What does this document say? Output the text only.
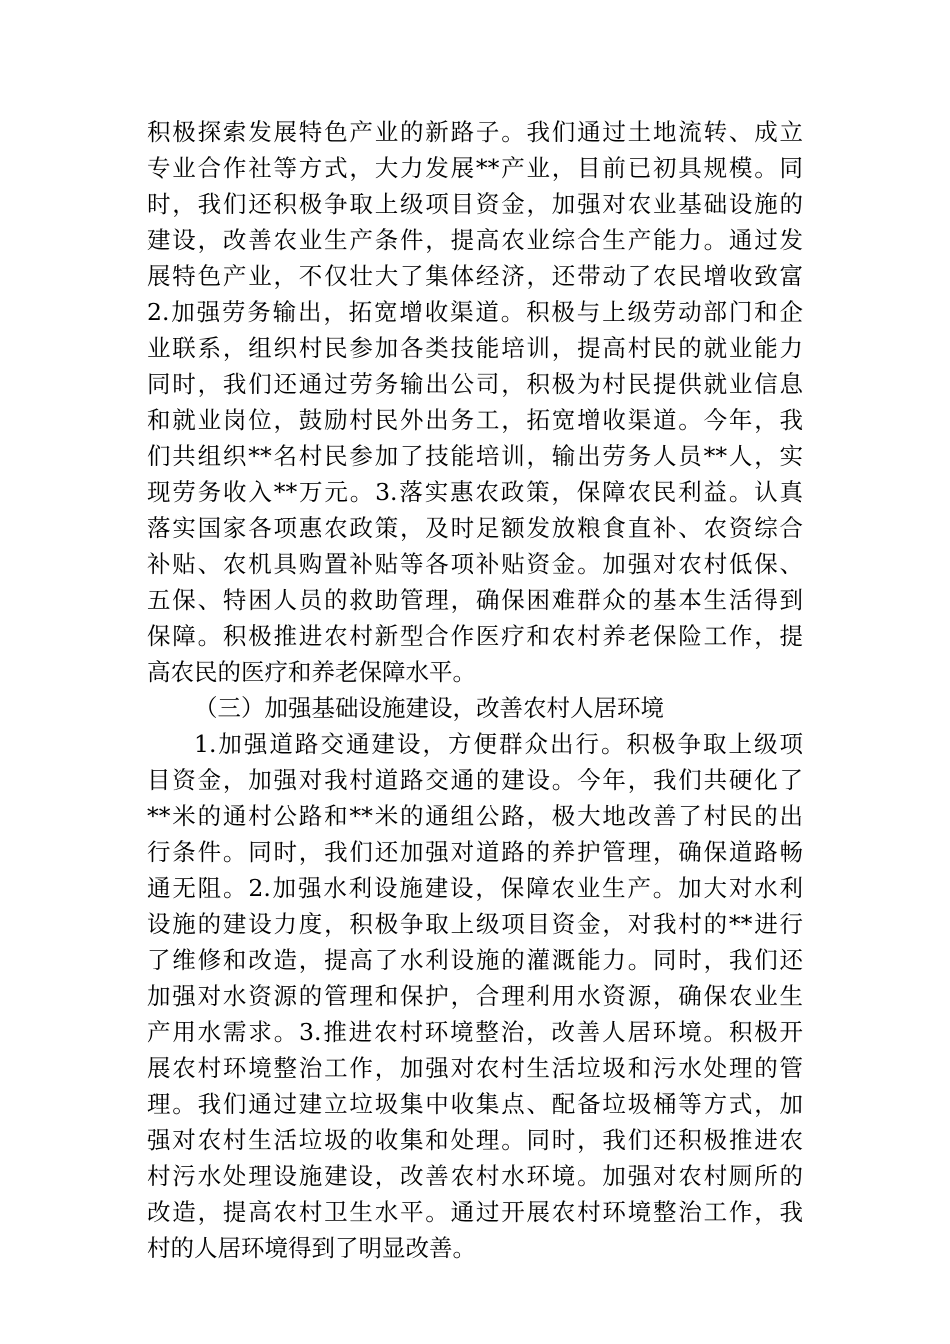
积极探索发展特色产业的新路子。我们通过土地流转、成立
专业合作社等方式，大力发展**产业，目前已初具规模。同
时，我们还积极争取上级项目资金，加强对农业基础设施的
建设，改善农业生产条件，提高农业综合生产能力。通过发
展特色产业，不仅壮大了集体经济，还带动了农民增收致富
2.加强劳务输出，拓宽增收渠道。积极与上级劳动部门和企
业联系，组织村民参加各类技能培训，提高村民的就业能力
同时，我们还通过劳务输出公司，积极为村民提供就业信息
和就业岗位，鼓励村民外出务工，拓宽增收渠道。今年，我
们共组织**名村民参加了技能培训，输出劳务人员**人，实
现劳务收入**万元。3.落实惠农政策，保障农民利益。认真
落实国家各项惠农政策，及时足额发放粮食直补、农资综合
补贴、农机具购置补贴等各项补贴资金。加强对农村低保、
五保、特困人员的救助管理，确保困难群众的基本生活得到
保障。积极推进农村新型合作医疗和农村养老保险工作，提
高农民的医疗和养老保障水平。
（三）加强基础设施建设，改善农村人居环境
1.加强道路交通建设，方便群众出行。积极争取上级项
目资金，加强对我村道路交通的建设。今年，我们共硬化了
**米的通村公路和**米的通组公路，极大地改善了村民的出
行条件。同时，我们还加强对道路的养护管理，确保道路畅
通无阻。2.加强水利设施建设，保障农业生产。加大对水利
设施的建设力度，积极争取上级项目资金，对我村的**进行
了维修和改造，提高了水利设施的灌溉能力。同时，我们还
加强对水资源的管理和保护，合理利用水资源，确保农业生
产用水需求。3.推进农村环境整治，改善人居环境。积极开
展农村环境整治工作，加强对农村生活垃圾和污水处理的管
理。我们通过建立垃圾集中收集点、配备垃圾桶等方式，加
强对农村生活垃圾的收集和处理。同时，我们还积极推进农
村污水处理设施建设，改善农村水环境。加强对农村厕所的
改造，提高农村卫生水平。通过开展农村环境整治工作，我
村的人居环境得到了明显改善。
